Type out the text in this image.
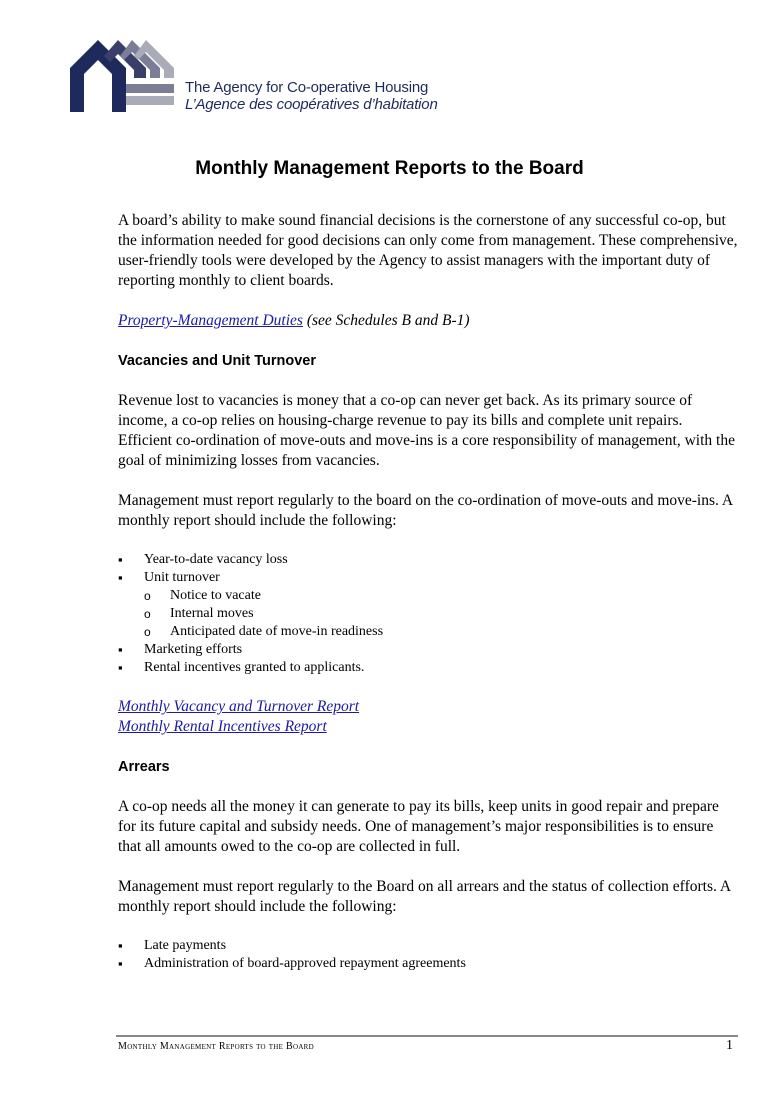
The Agency for Co-operative Housing
L’Agence des coopératives d’habitation
Monthly Management Reports to the Board

A board’s ability to make sound financial decisions is the cornerstone of any successful co-op, but the information needed for good decisions can only come from management. These comprehensive, user-friendly tools were developed by the Agency to assist managers with the important duty of reporting monthly to client boards.

Property-Management Duties (see Schedules B and B-1)

Vacancies and Unit Turnover

Revenue lost to vacancies is money that a co-op can never get back. As its primary source of income, a co-op relies on housing-charge revenue to pay its bills and complete unit repairs. Efficient co-ordination of move-outs and move-ins is a core responsibility of management, with the goal of minimizing losses from vacancies.

Management must report regularly to the board on the co-ordination of move-outs and move-ins. A monthly report should include the following:

▪ Year-to-date vacancy loss
▪ Unit turnover
o Notice to vacate
o Internal moves
o Anticipated date of move-in readiness
▪ Marketing efforts
▪ Rental incentives granted to applicants.

Monthly Vacancy and Turnover Report
Monthly Rental Incentives Report

Arrears

A co-op needs all the money it can generate to pay its bills, keep units in good repair and prepare for its future capital and subsidy needs. One of management’s major responsibilities is to ensure that all amounts owed to the co-op are collected in full.

Management must report regularly to the Board on all arrears and the status of collection efforts. A monthly report should include the following:

▪ Late payments
▪ Administration of board-approved repayment agreements
Monthly Management Reports to the Board	1
